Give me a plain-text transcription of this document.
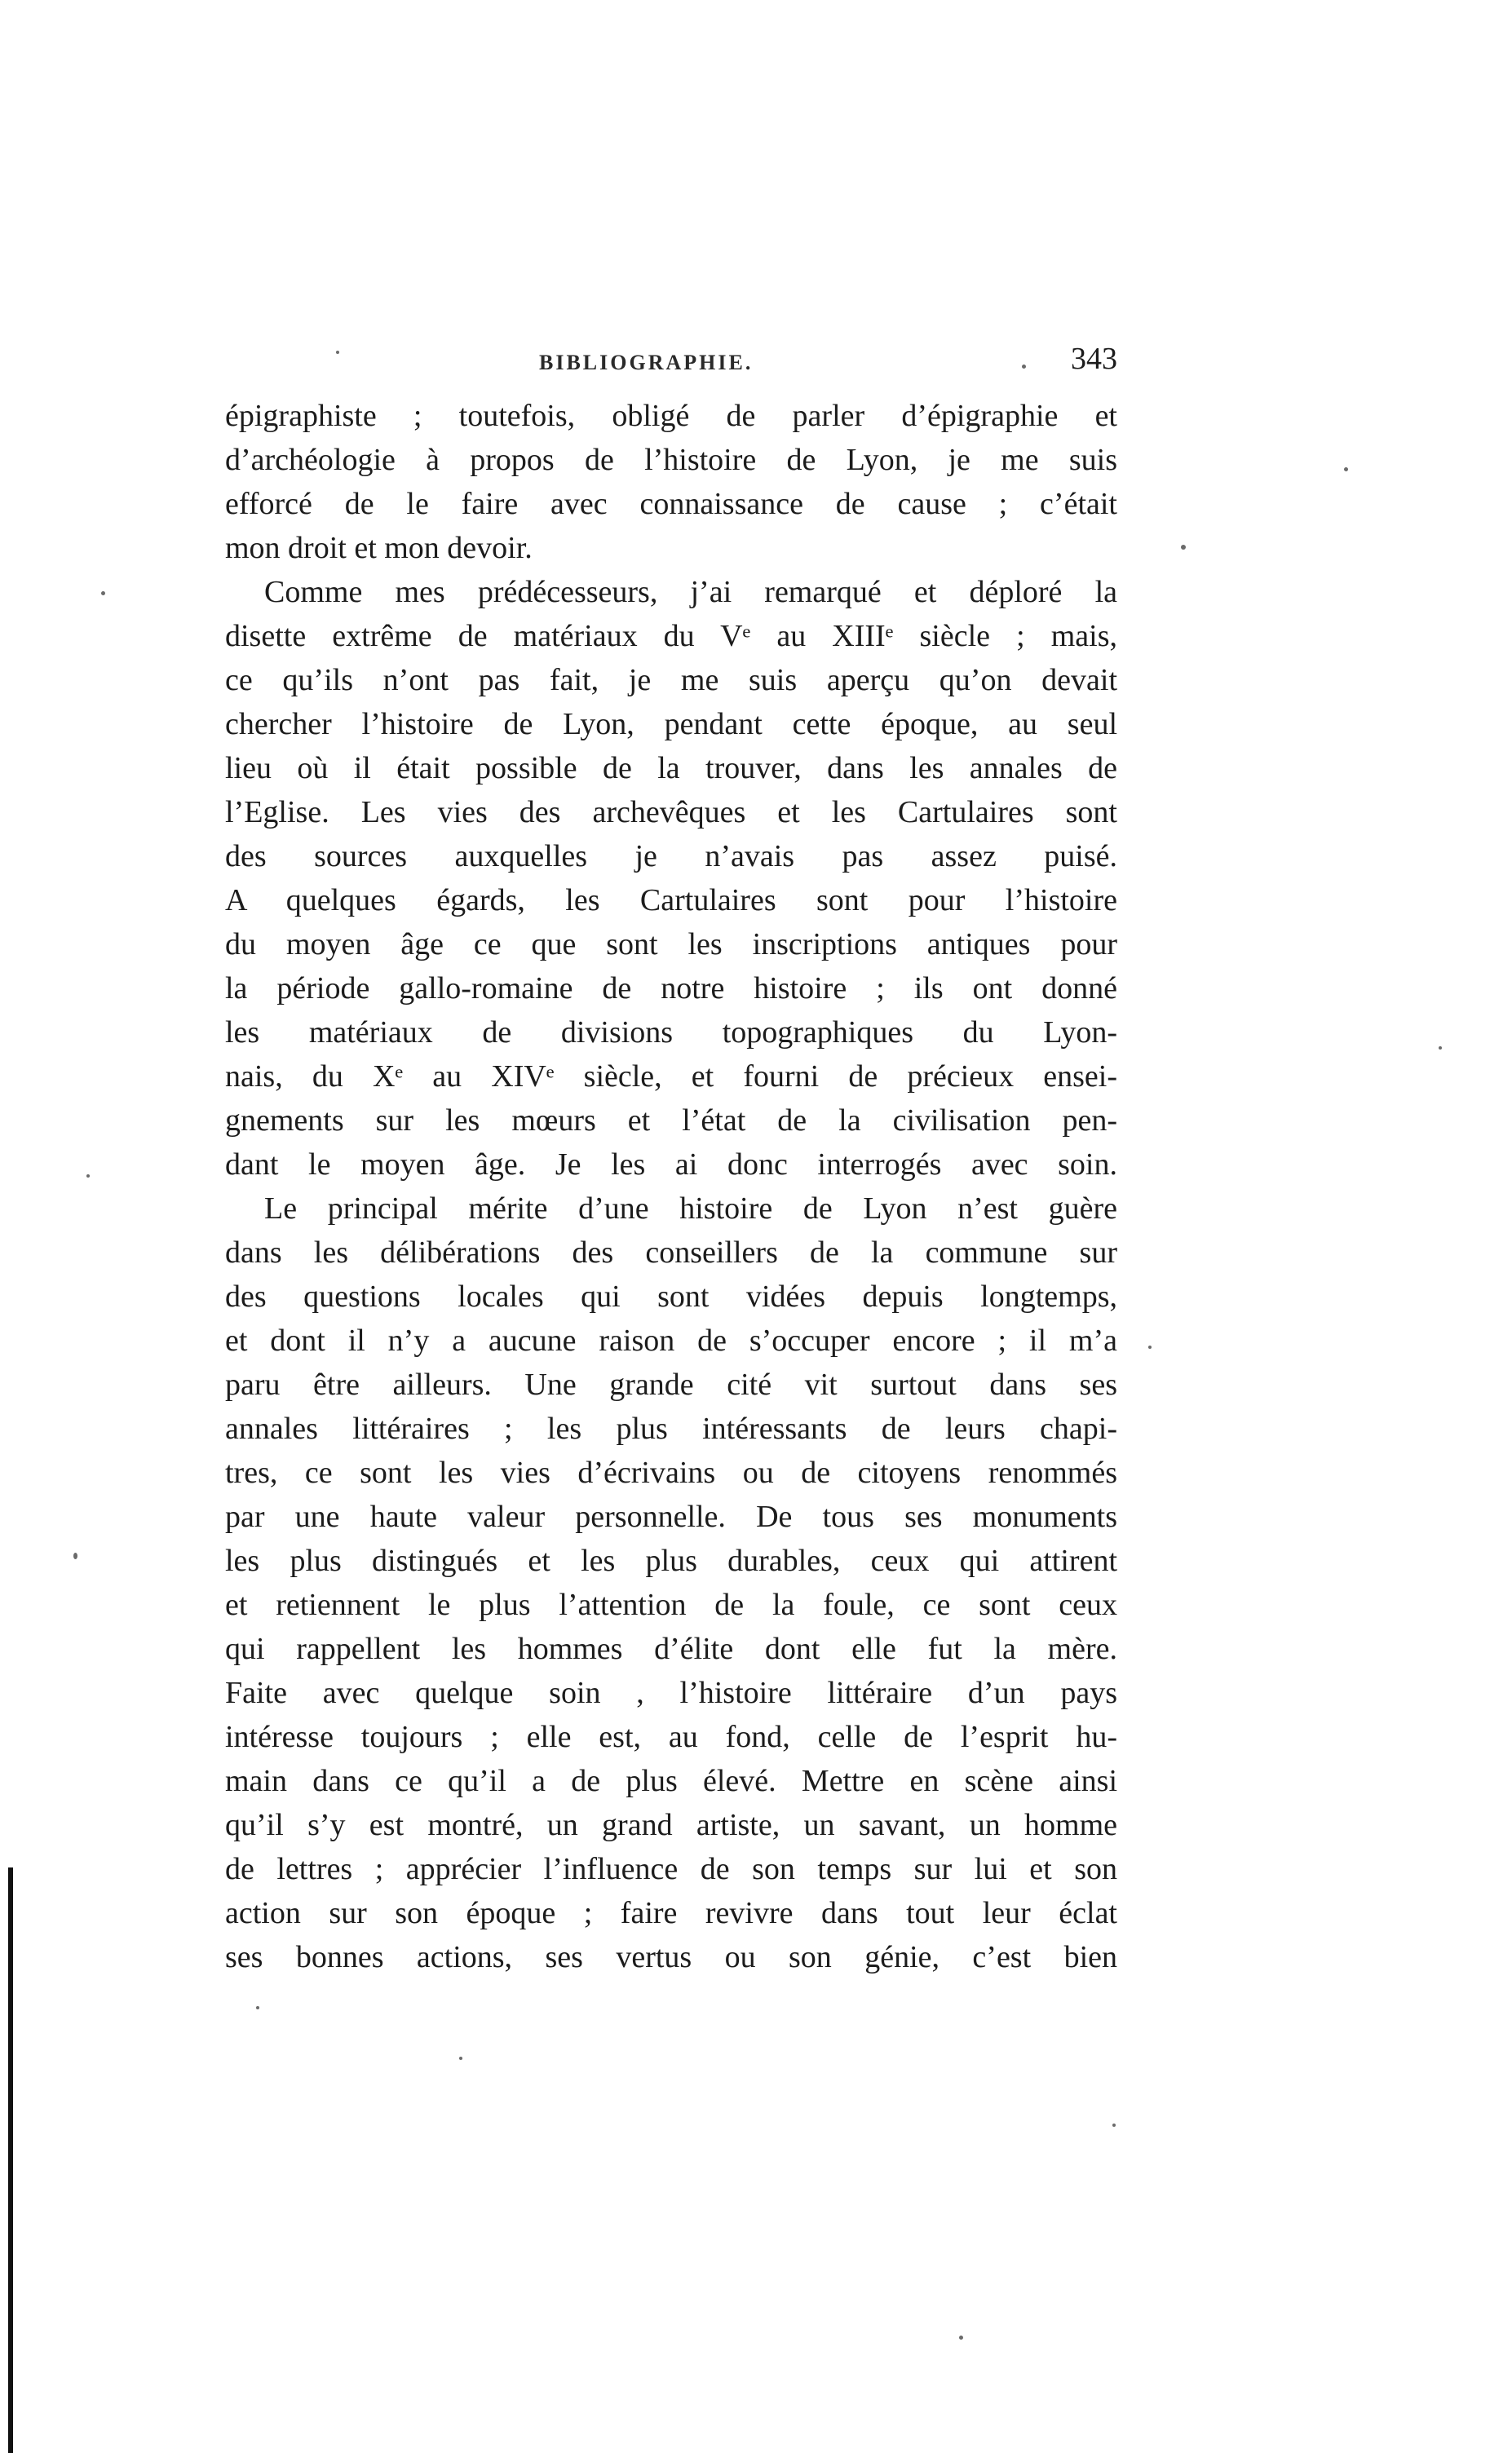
BIBLIOGRAPHIE.	343
épigraphiste ; toutefois, obligé de parler d’épigraphie et
d’archéologie à propos de l’histoire de Lyon, je me suis
efforcé de le faire avec connaissance de cause ; c’était
mon droit et mon devoir.
Comme mes prédécesseurs, j’ai remarqué et déploré la
disette extrême de matériaux du Vᵉ au XIIIᵉ siècle ; mais,
ce qu’ils n’ont pas fait, je me suis aperçu qu’on devait
chercher l’histoire de Lyon, pendant cette époque, au seul
lieu où il était possible de la trouver, dans les annales de
l’Eglise. Les vies des archevêques et les Cartulaires sont
des sources auxquelles je n’avais pas assez puisé.
A quelques égards, les Cartulaires sont pour l’histoire
du moyen âge ce que sont les inscriptions antiques pour
la période gallo-romaine de notre histoire ; ils ont donné
les matériaux de divisions topographiques du Lyon-
nais, du Xᵉ au XIVᵉ siècle, et fourni de précieux ensei-
gnements sur les mœurs et l’état de la civilisation pen-
dant le moyen âge. Je les ai donc interrogés avec soin.
Le principal mérite d’une histoire de Lyon n’est guère
dans les délibérations des conseillers de la commune sur
des questions locales qui sont vidées depuis longtemps,
et dont il n’y a aucune raison de s’occuper encore ; il m’a
paru être ailleurs. Une grande cité vit surtout dans ses
annales littéraires ; les plus intéressants de leurs chapi-
tres, ce sont les vies d’écrivains ou de citoyens renommés
par une haute valeur personnelle. De tous ses monuments
les plus distingués et les plus durables, ceux qui attirent
et retiennent le plus l’attention de la foule, ce sont ceux
qui rappellent les hommes d’élite dont elle fut la mère.
Faite avec quelque soin , l’histoire littéraire d’un pays
intéresse toujours ; elle est, au fond, celle de l’esprit hu-
main dans ce qu’il a de plus élevé. Mettre en scène ainsi
qu’il s’y est montré, un grand artiste, un savant, un homme
de lettres ; apprécier l’influence de son temps sur lui et son
action sur son époque ; faire revivre dans tout leur éclat
ses bonnes actions, ses vertus ou son génie, c’est bien
